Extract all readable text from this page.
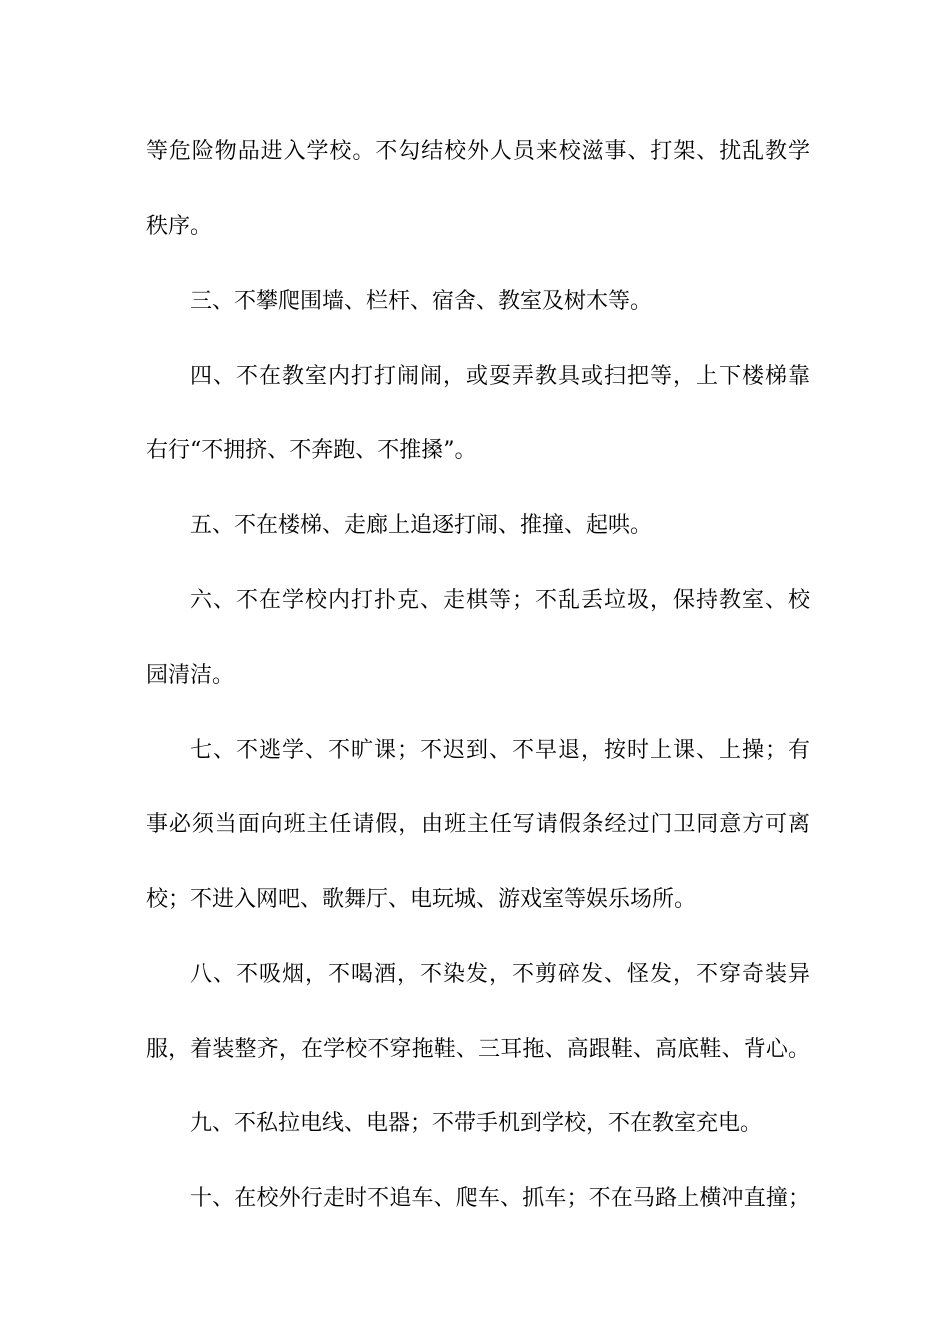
等危险物品进入学校。不勾结校外人员来校滋事、打架、扰乱教学
秩序。
三、不攀爬围墙、栏杆、宿舍、教室及树木等。
四、不在教室内打打闹闹，或耍弄教具或扫把等，上下楼梯靠
右行“不拥挤、不奔跑、不推搡”。
五、不在楼梯、走廊上追逐打闹、推撞、起哄。
六、不在学校内打扑克、走棋等；不乱丢垃圾，保持教室、校
园清洁。
七、不逃学、不旷课；不迟到、不早退，按时上课、上操；有
事必须当面向班主任请假，由班主任写请假条经过门卫同意方可离
校；不进入网吧、歌舞厅、电玩城、游戏室等娱乐场所。
八、不吸烟，不喝酒，不染发，不剪碎发、怪发，不穿奇装异
服，着装整齐，在学校不穿拖鞋、三耳拖、高跟鞋、高底鞋、背心。
九、不私拉电线、电器；不带手机到学校，不在教室充电。
十、在校外行走时不追车、爬车、抓车；不在马路上横冲直撞；
